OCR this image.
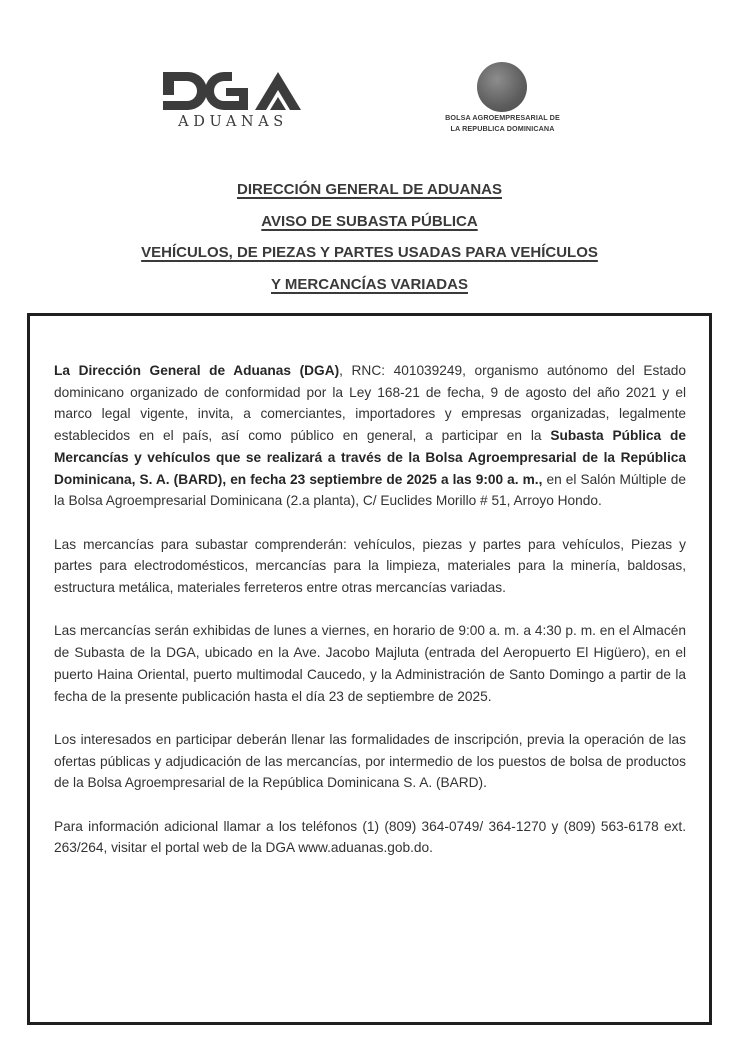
ADUANAS	BOLSA AGROEMPRESARIAL DE
LA REPUBLICA DOMINICANA
DIRECCIÓN GENERAL DE ADUANAS
AVISO DE SUBASTA PÚBLICA
VEHÍCULOS, DE PIEZAS Y PARTES USADAS PARA VEHÍCULOS
Y MERCANCÍAS VARIADAS

La Dirección General de Aduanas (DGA), RNC: 401039249, organismo autónomo del Estado dominicano organizado de conformidad por la Ley 168-21 de fecha, 9 de agosto del año 2021 y el marco legal vigente, invita, a comerciantes, importadores y empresas organizadas, legalmente establecidos en el país, así como público en general, a participar en la Subasta Pública de Mercancías y vehículos que se realizará a través de la Bolsa Agroempresarial de la República Dominicana, S. A. (BARD), en fecha 23 septiembre de 2025 a las 9:00 a. m., en el Salón Múltiple de la Bolsa Agroempresarial Dominicana (2.a planta), C/ Euclides Morillo # 51, Arroyo Hondo.

Las mercancías para subastar comprenderán: vehículos, piezas y partes para vehículos, Piezas y partes para electrodomésticos, mercancías para la limpieza, materiales para la minería, baldosas, estructura metálica, materiales ferreteros entre otras mercancías variadas.

Las mercancías serán exhibidas de lunes a viernes, en horario de 9:00 a. m. a 4:30 p. m. en el Almacén de Subasta de la DGA, ubicado en la Ave. Jacobo Majluta (entrada del Aeropuerto El Higüero), en el puerto Haina Oriental, puerto multimodal Caucedo, y la Administración de Santo Domingo a partir de la fecha de la presente publicación hasta el día 23 de septiembre de 2025.

Los interesados en participar deberán llenar las formalidades de inscripción, previa la operación de las ofertas públicas y adjudicación de las mercancías, por intermedio de los puestos de bolsa de productos de la Bolsa Agroempresarial de la República Dominicana S. A. (BARD).

Para información adicional llamar a los teléfonos (1) (809) 364-0749/ 364-1270 y (809) 563-6178 ext. 263/264, visitar el portal web de la DGA www.aduanas.gob.do.
